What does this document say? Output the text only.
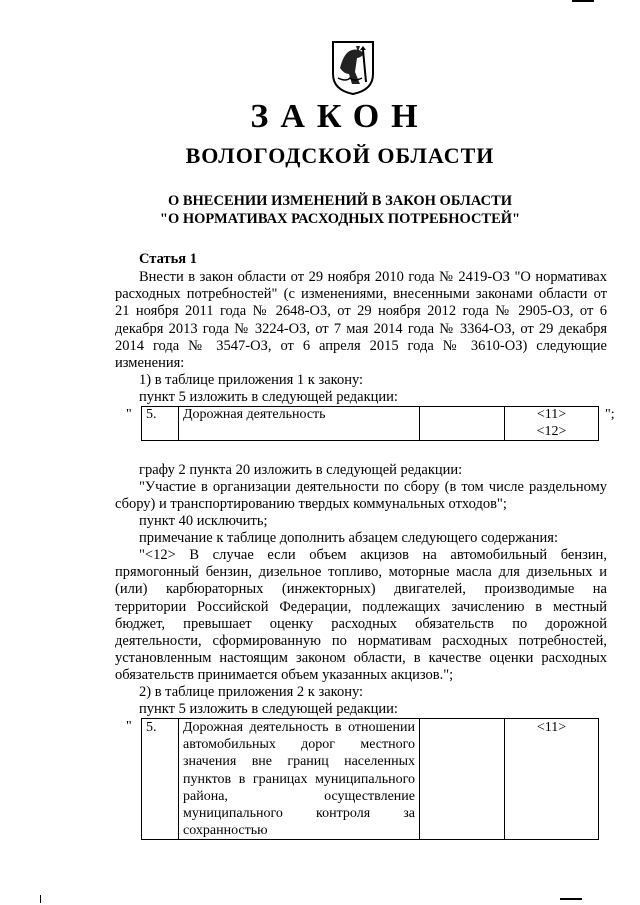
ЗАКОН
ВОЛОГОДСКОЙ ОБЛАСТИ
О ВНЕСЕНИИ ИЗМЕНЕНИЙ В ЗАКОН ОБЛАСТИ
"О НОРМАТИВАХ РАСХОДНЫХ ПОТРЕБНОСТЕЙ"
Статья 1
Внести в закон области от 29 ноября 2010 года № 2419-ОЗ "О нормативах расходных потребностей" (с изменениями, внесенными законами области от 21 ноября 2011 года № 2648-ОЗ, от 29 ноября 2012 года № 2905-ОЗ, от 6 декабря 2013 года № 3224-ОЗ, от 7 мая 2014 года № 3364-ОЗ, от 29 декабря 2014 года № 3547-ОЗ, от 6 апреля 2015 года № 3610-ОЗ) следующие изменения:
1) в таблице приложения 1 к закону:
пункт 5 изложить в следующей редакции:
" 5.	Дорожная деятельность		<11>
<12>
";
графу 2 пункта 20 изложить в следующей редакции:
"Участие в организации деятельности по сбору (в том числе раздельному сбору) и транспортированию твердых коммунальных отходов";
пункт 40 исключить;
примечание к таблице дополнить абзацем следующего содержания:
"<12> В случае если объем акцизов на автомобильный бензин, прямогонный бензин, дизельное топливо, моторные масла для дизельных и (или) карбюраторных (инжекторных) двигателей, производимые на территории Российской Федерации, подлежащих зачислению в местный бюджет, превышает оценку расходных обязательств по дорожной деятельности, сформированную по нормативам расходных потребностей, установленным настоящим законом области, в качестве оценки расходных обязательств принимается объем указанных акцизов.";
2) в таблице приложения 2 к закону:
пункт 5 изложить в следующей редакции:
" 5.	Дорожная деятельность в отношении автомобильных дорог местного значения вне границ населенных пунктов в границах муниципального района, осуществление муниципального контроля за сохранностью		<11>
